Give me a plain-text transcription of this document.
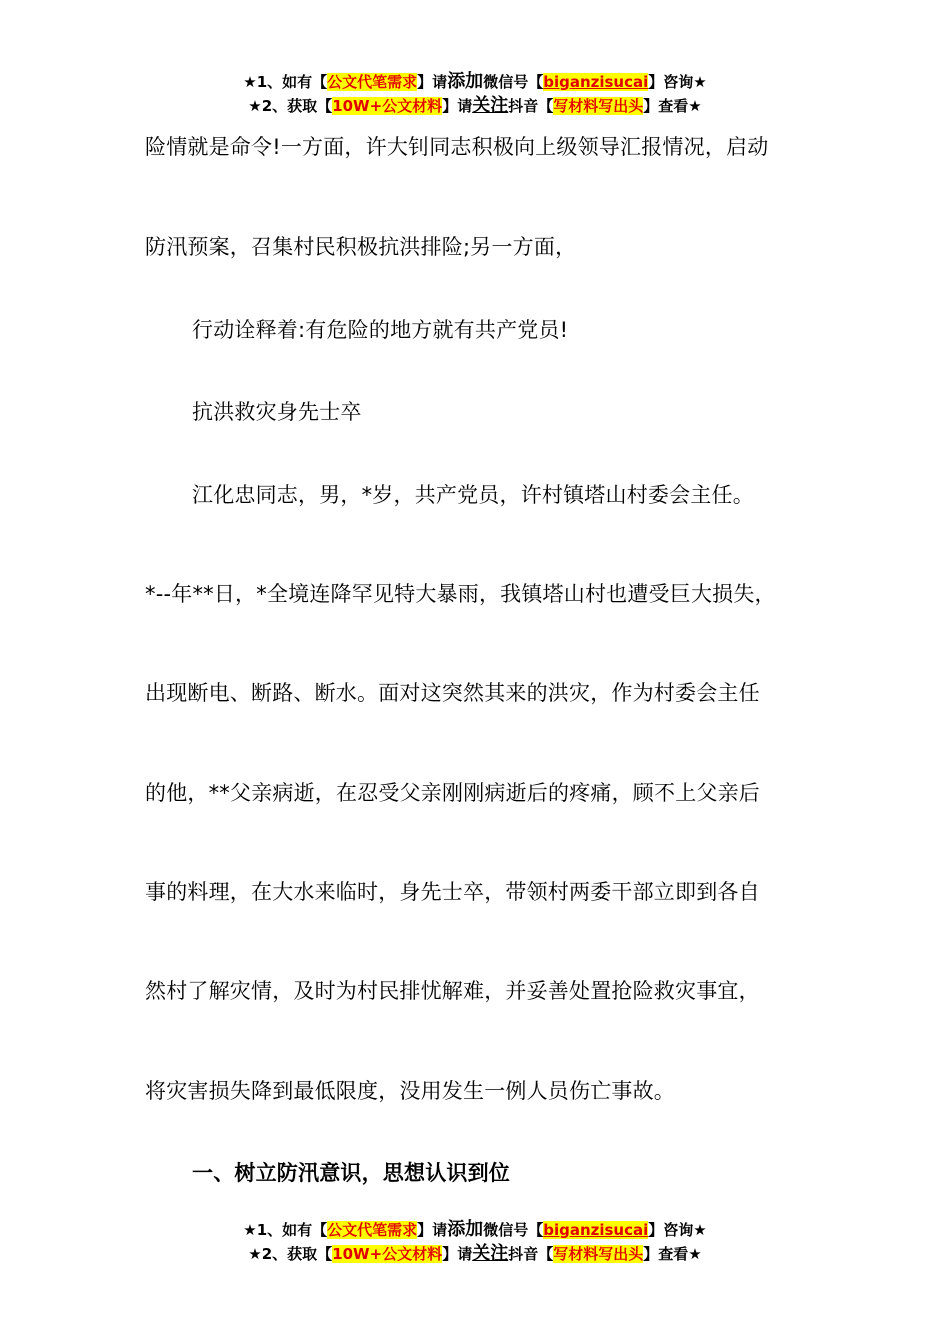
★1、如有【公文代笔需求】请添加微信号【biganzisucai】咨询★
★2、获取【10W+公文材料】请关注抖音【写材料写出头】查看★
险情就是命令!一方面，许大钊同志积极向上级领导汇报情况，启动
防汛预案，召集村民积极抗洪排险;另一方面，
行动诠释着:有危险的地方就有共产党员!
抗洪救灾身先士卒
江化忠同志，男，*岁，共产党员，许村镇塔山村委会主任。
*--年**日，*全境连降罕见特大暴雨，我镇塔山村也遭受巨大损失，
出现断电、断路、断水。面对这突然其来的洪灾，作为村委会主任
的他，**父亲病逝，在忍受父亲刚刚病逝后的疼痛，顾不上父亲后
事的料理，在大水来临时，身先士卒，带领村两委干部立即到各自
然村了解灾情，及时为村民排忧解难，并妥善处置抢险救灾事宜，
将灾害损失降到最低限度，没用发生一例人员伤亡事故。
一、树立防汛意识，思想认识到位
★1、如有【公文代笔需求】请添加微信号【biganzisucai】咨询★
★2、获取【10W+公文材料】请关注抖音【写材料写出头】查看★
